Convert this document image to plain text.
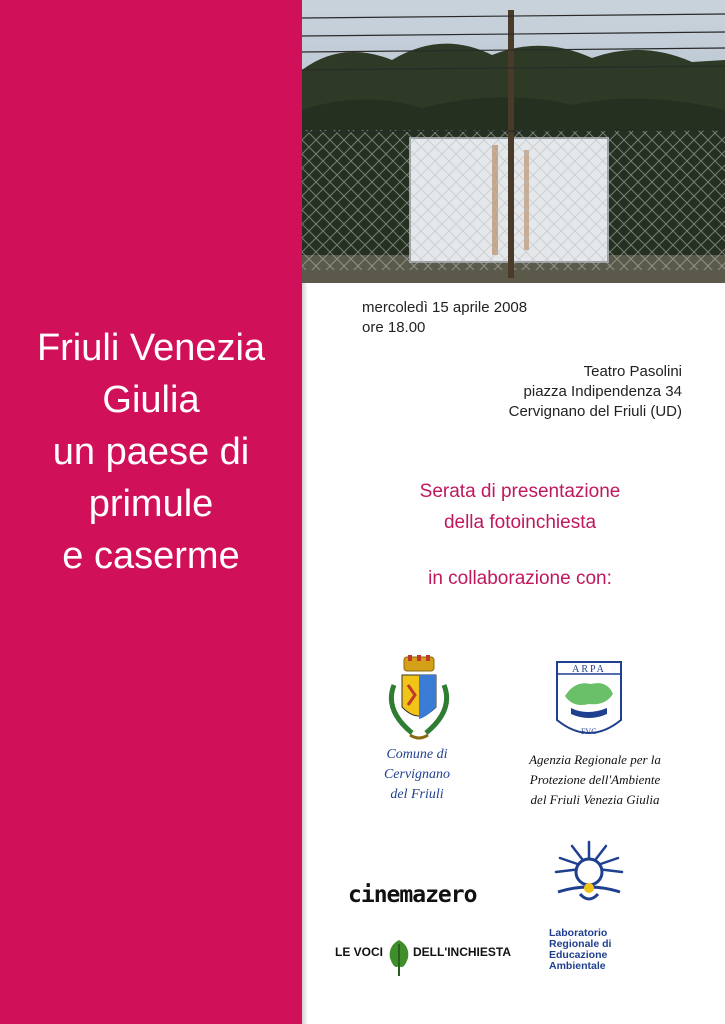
Friuli Venezia
Giulia
un paese di
primule
e caserme
mercoledì 15 aprile 2008
ore 18.00
Teatro Pasolini
piazza Indipendenza 34
Cervignano del Friuli (UD)
Serata di presentazione
della fotoinchiesta
in collaborazione con:
Comune di
Cervignano
del Friuli
ARPA
FVG
Agenzia Regionale per la
Protezione dell'Ambiente
del Friuli Venezia Giulia
cinemazero
LE VOCI	DELL'INCHIESTA
Laboratorio
Regionale di
Educazione
Ambientale
